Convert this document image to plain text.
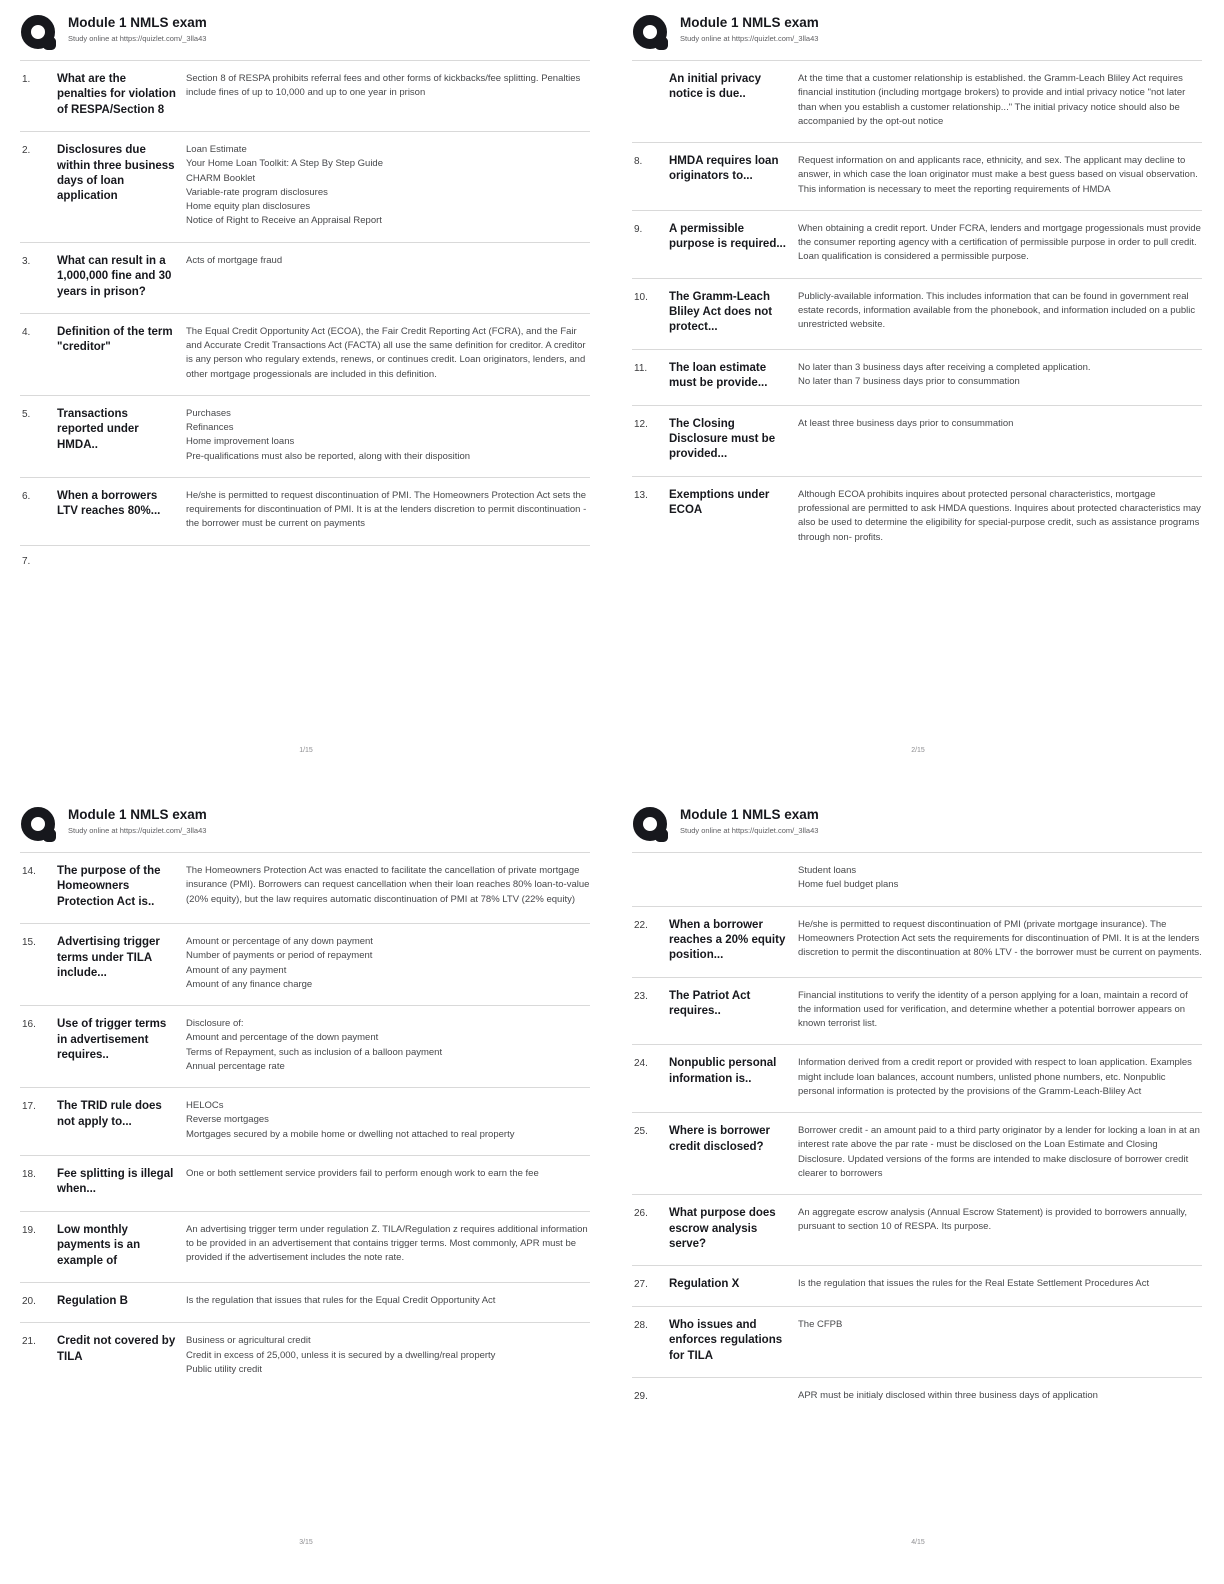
Module 1 NMLS exam
Study online at https://quizlet.com/_3lla43
1.	What are the penalties for violation of RESPA/Section 8
Section 8 of RESPA prohibits referral fees and other forms of kickbacks/fee splitting. Penalties include fines of up to 10,000 and up to one year in prison
2.	Disclosures due within three business days of loan application
Loan Estimate
Your Home Loan Toolkit: A Step By Step Guide
CHARM Booklet
Variable-rate program disclosures
Home equity plan disclosures
Notice of Right to Receive an Appraisal Report
3.	What can result in a 1,000,000 fine and 30 years in prison?
Acts of mortgage fraud
4.	Definition of the term "creditor"
The Equal Credit Opportunity Act (ECOA), the Fair Credit Reporting Act (FCRA), and the Fair and Accurate Credit Transactions Act (FACTA) all use the same definition for creditor. A creditor is any person who regulary extends, renews, or continues credit. Loan originators, lenders, and other mortgage progessionals are included in this definition.
5.	Transactions reported under HMDA..
Purchases
Refinances
Home improvement loans
Pre-qualifications must also be reported, along with their disposition
6.	When a borrowers LTV reaches 80%...
He/she is permitted to request discontinuation of PMI. The Homeowners Protection Act sets the requirements for discontinuation of PMI. It is at the lenders discretion to permit discontinuation - the borrower must be current on payments
7.
1/15
Module 1 NMLS exam
Study online at https://quizlet.com/_3lla43
An initial privacy notice is due..
At the time that a customer relationship is established. the Gramm-Leach Bliley Act requires financial institution (including mortgage brokers) to provide and intial privacy notice "not later than when you establish a customer relationship..." The initial privacy notice should also be accompanied by the opt-out notice
8.	HMDA requires loan originators to...
Request information on and applicants race, ethnicity, and sex. The applicant may decline to answer, in which case the loan originator must make a best guess based on visual observation. This information is necessary to meet the reporting requirements of HMDA
9.	A permissible purpose is required...
When obtaining a credit report. Under FCRA, lenders and mortgage progessionals must provide the consumer reporting agency with a certification of permissible purpose in order to pull credit. Loan qualification is considered a permissible purpose.
10.	The Gramm-Leach Bliley Act does not protect...
Publicly-available information. This includes information that can be found in government real estate records, information available from the phonebook, and information included on a public unrestricted website.
11.	The loan estimate must be provide...
No later than 3 business days after receiving a completed application.
No later than 7 business days prior to consummation
12.	The Closing Disclosure must be provided...
At least three business days prior to consummation
13.	Exemptions under ECOA
Although ECOA prohibits inquires about protected personal characteristics, mortgage professional are permitted to ask HMDA questions. Inquires about protected characteristics may also be used to determine the eligibility for special-purpose credit, such as assistance programs through non- profits.
2/15
Module 1 NMLS exam
Study online at https://quizlet.com/_3lla43
14.	The purpose of the Homeowners Protection Act is..
The Homeowners Protection Act was enacted to facilitate the cancellation of private mortgage insurance (PMI). Borrowers can request cancellation when their loan reaches 80% loan-to-value (20% equity), but the law requires automatic discontinuation of PMI at 78% LTV (22% equity)
15.	Advertising trigger terms under TILA include...
Amount or percentage of any down payment
Number of payments or period of repayment
Amount of any payment
Amount of any finance charge
16.	Use of trigger terms in advertisement requires..
Disclosure of:
Amount and percentage of the down payment
Terms of Repayment, such as inclusion of a balloon payment
Annual percentage rate
17.	The TRID rule does not apply to...
HELOCs
Reverse mortgages
Mortgages secured by a mobile home or dwelling not attached to real property
18.	Fee splitting is illegal when...
One or both settlement service providers fail to perform enough work to earn the fee
19.	Low monthly payments is an example of
An advertising trigger term under regulation Z. TILA/Regulation z requires additional information to be provided in an advertisement that contains trigger terms. Most commonly, APR must be provided if the advertisement includes the note rate.
20.	Regulation B	Is the regulation that issues that rules for the Equal Credit Opportunity Act
21.	Credit not covered by TILA
Business or agricultural credit
Credit in excess of 25,000, unless it is secured by a dwelling/real property
Public utility credit
3/15
Module 1 NMLS exam
Study online at https://quizlet.com/_3lla43
Student loans
Home fuel budget plans
22.	When a borrower reaches a 20% equity position...
He/she is permitted to request discontinuation of PMI (private mortgage insurance). The Homeowners Protection Act sets the requirements for discontinuation of PMI. It is at the lenders discretion to permit the discontinuation at 80% LTV - the borrower must be current on payments.
23.	The Patriot Act requires..
Financial institutions to verify the identity of a person applying for a loan, maintain a record of the information used for verification, and determine whether a potential borrower appears on known terrorist list.
24.	Nonpublic personal information is..
Information derived from a credit report or provided with respect to loan application. Examples might include loan balances, account numbers, unlisted phone numbers, etc. Nonpublic personal information is protected by the provisions of the Gramm-Leach-Bliley Act
25.	Where is borrower credit disclosed?
Borrower credit - an amount paid to a third party originator by a lender for locking a loan in at an interest rate above the par rate - must be disclosed on the Loan Estimate and Closing Disclosure. Updated versions of the forms are intended to make disclosure of borrower credit clearer to borrowers
26.	What purpose does escrow analysis serve?
An aggregate escrow analysis (Annual Escrow Statement) is provided to borrowers annually, pursuant to section 10 of RESPA. Its purpose.
27.	Regulation X	Is the regulation that issues the rules for the Real Estate Settlement Procedures Act
28.	Who issues and enforces regulations for TILA
The CFPB
29.	APR must be initialy disclosed within three business days of application
4/15
